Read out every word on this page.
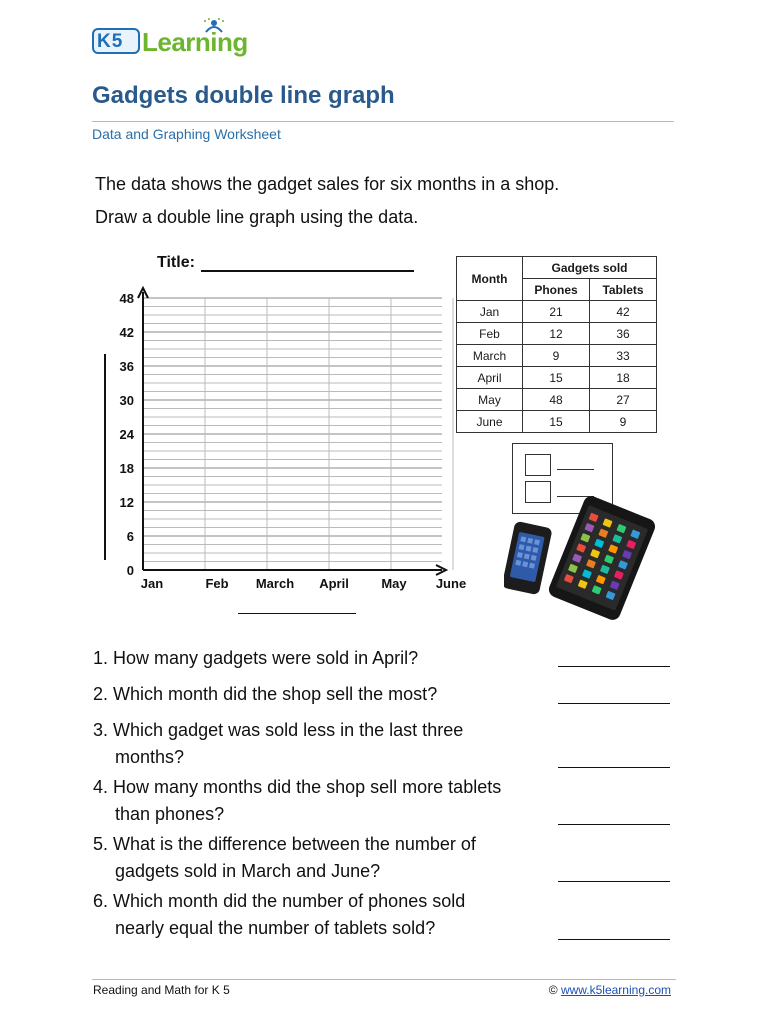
K5 Learning
Gadgets double line graph
Data and Graphing Worksheet

The data shows the gadget sales for six months in a shop.

Draw a double line graph using the data.

Title:
48
42
36
30
24
18
12
6
0
Jan	Feb March April	May June
Month	Gadgets sold	
	Phones	Tablets
Jan	21	42
Feb	12	36
March	9	33
April	15	18
May	48	27
June	15	9
1. How many gadgets were sold in April?
2. Which month did the shop sell the most?
3. Which gadget was sold less in the last three
months?
4. How many months did the shop sell more tablets
than phones?
5. What is the difference between the number of
gadgets sold in March and June?
6. Which month did the number of phones sold
nearly equal the number of tablets sold?
Reading and Math for K 5	© www.k5learning.com
